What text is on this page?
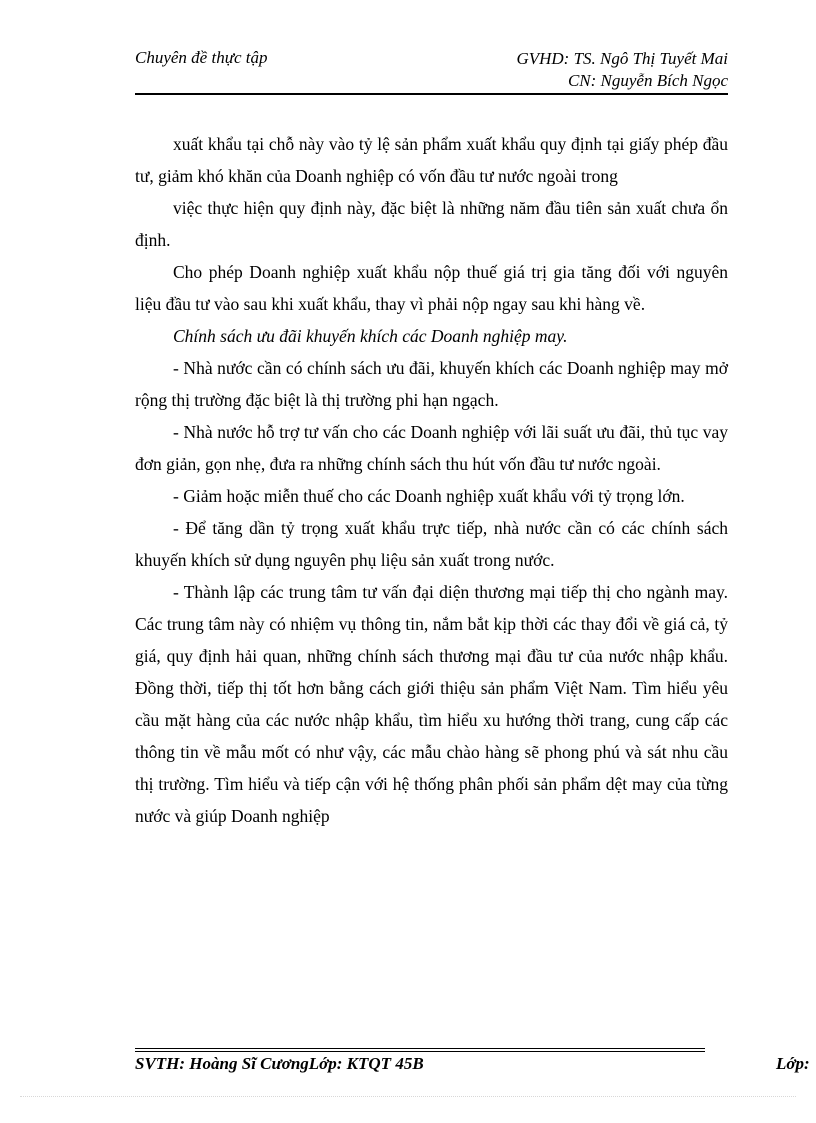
Chuyên đề thực tập	GVHD: TS. Ngô Thị Tuyết Mai
CN: Nguyễn Bích Ngọc

xuất khẩu tại chỗ này vào tỷ lệ sản phẩm xuất khẩu quy định tại giấy phép đầu tư, giảm khó khăn của Doanh nghiệp có vốn đầu tư nước ngoài trong

việc thực hiện quy định này, đặc biệt là những năm đầu tiên sản xuất chưa ổn định.

Cho phép Doanh nghiệp xuất khẩu nộp thuế giá trị gia tăng đối với nguyên liệu đầu tư vào sau khi xuất khẩu, thay vì phải nộp ngay sau khi hàng về.

Chính sách ưu đãi khuyến khích các Doanh nghiệp may.

- Nhà nước cần có chính sách ưu đãi, khuyến khích các Doanh nghiệp may mở rộng thị trường đặc biệt là thị trường phi hạn ngạch.

- Nhà nước hỗ trợ tư vấn cho các Doanh nghiệp với lãi suất ưu đãi, thủ tục vay đơn giản, gọn nhẹ, đưa ra những chính sách thu hút vốn đầu tư nước ngoài.

- Giảm hoặc miễn thuế cho các Doanh nghiệp xuất khẩu với tỷ trọng lớn.

- Để tăng dần tỷ trọng xuất khẩu trực tiếp, nhà nước cần có các chính sách khuyến khích sử dụng nguyên phụ liệu sản xuất trong nước.

- Thành lập các trung tâm tư vấn đại diện thương mại tiếp thị cho ngành may. Các trung tâm này có nhiệm vụ thông tin, nắm bắt kịp thời các thay đổi về giá cả, tỷ giá, quy định hải quan, những chính sách thương mại đầu tư của nước nhập khẩu. Đồng thời, tiếp thị tốt hơn bằng cách giới thiệu sản phẩm Việt Nam. Tìm hiểu yêu cầu mặt hàng của các nước nhập khẩu, tìm hiểu xu hướng thời trang, cung cấp các thông tin về mẫu mốt có như vậy, các mẫu chào hàng sẽ phong phú và sát nhu cầu thị trường. Tìm hiểu và tiếp cận với hệ thống phân phối sản phẩm dệt may của từng nước và giúp Doanh nghiệp

SVTH: Hoàng Sĩ CươngLớp: KTQT 45B	Lớp:
